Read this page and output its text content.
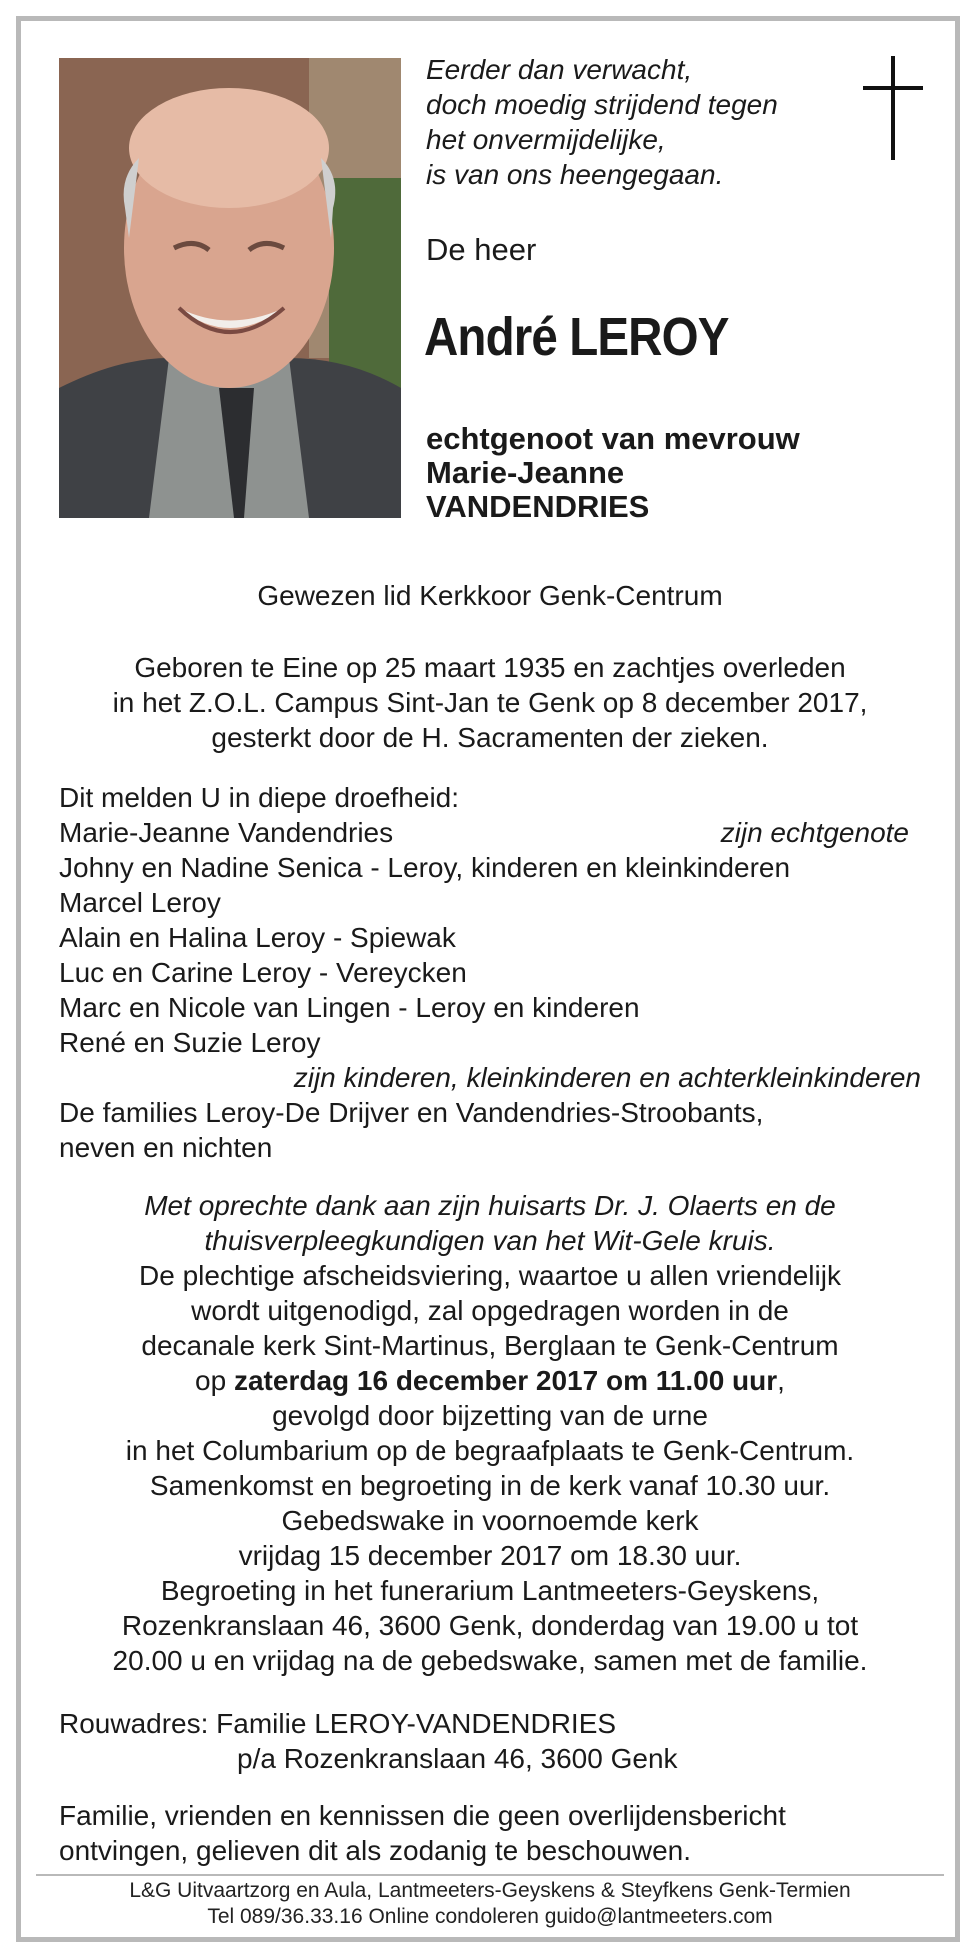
Eerder dan verwacht,
doch moedig strijdend tegen
het onvermijdelijke,
is van ons heengegaan.
De heer
André LEROY
echtgenoot van mevrouw
Marie-Jeanne
VANDENDRIES
Gewezen lid Kerkkoor Genk-Centrum
Geboren te Eine op 25 maart 1935 en zachtjes overleden
in het Z.O.L. Campus Sint-Jan te Genk op 8 december 2017,
gesterkt door de H. Sacramenten der zieken.
Dit melden U in diepe droefheid:
Marie-Jeanne Vandendries	zijn echtgenote
Johny en Nadine Senica - Leroy, kinderen en kleinkinderen
Marcel Leroy
Alain en Halina Leroy - Spiewak
Luc en Carine Leroy - Vereycken
Marc en Nicole van Lingen - Leroy en kinderen
René en Suzie Leroy
zijn kinderen, kleinkinderen en achterkleinkinderen
De families Leroy-De Drijver en Vandendries-Stroobants,
neven en nichten
Met oprechte dank aan zijn huisarts Dr. J. Olaerts en de
thuisverpleegkundigen van het Wit-Gele kruis.
De plechtige afscheidsviering, waartoe u allen vriendelijk
wordt uitgenodigd, zal opgedragen worden in de
decanale kerk Sint-Martinus, Berglaan te Genk-Centrum
op zaterdag 16 december 2017 om 11.00 uur,
gevolgd door bijzetting van de urne
in het Columbarium op de begraafplaats te Genk-Centrum.
Samenkomst en begroeting in de kerk vanaf 10.30 uur.
Gebedswake in voornoemde kerk
vrijdag 15 december 2017 om 18.30 uur.
Begroeting in het funerarium Lantmeeters-Geyskens,
Rozenkranslaan 46, 3600 Genk, donderdag van 19.00 u tot
20.00 u en vrijdag na de gebedswake, samen met de familie.
Rouwadres: Familie LEROY-VANDENDRIES
p/a Rozenkranslaan 46, 3600 Genk
Familie, vrienden en kennissen die geen overlijdensbericht
ontvingen, gelieven dit als zodanig te beschouwen.
L&G Uitvaartzorg en Aula, Lantmeeters-Geyskens & Steyfkens Genk-Termien
Tel 089/36.33.16 Online condoleren guido@lantmeeters.com
